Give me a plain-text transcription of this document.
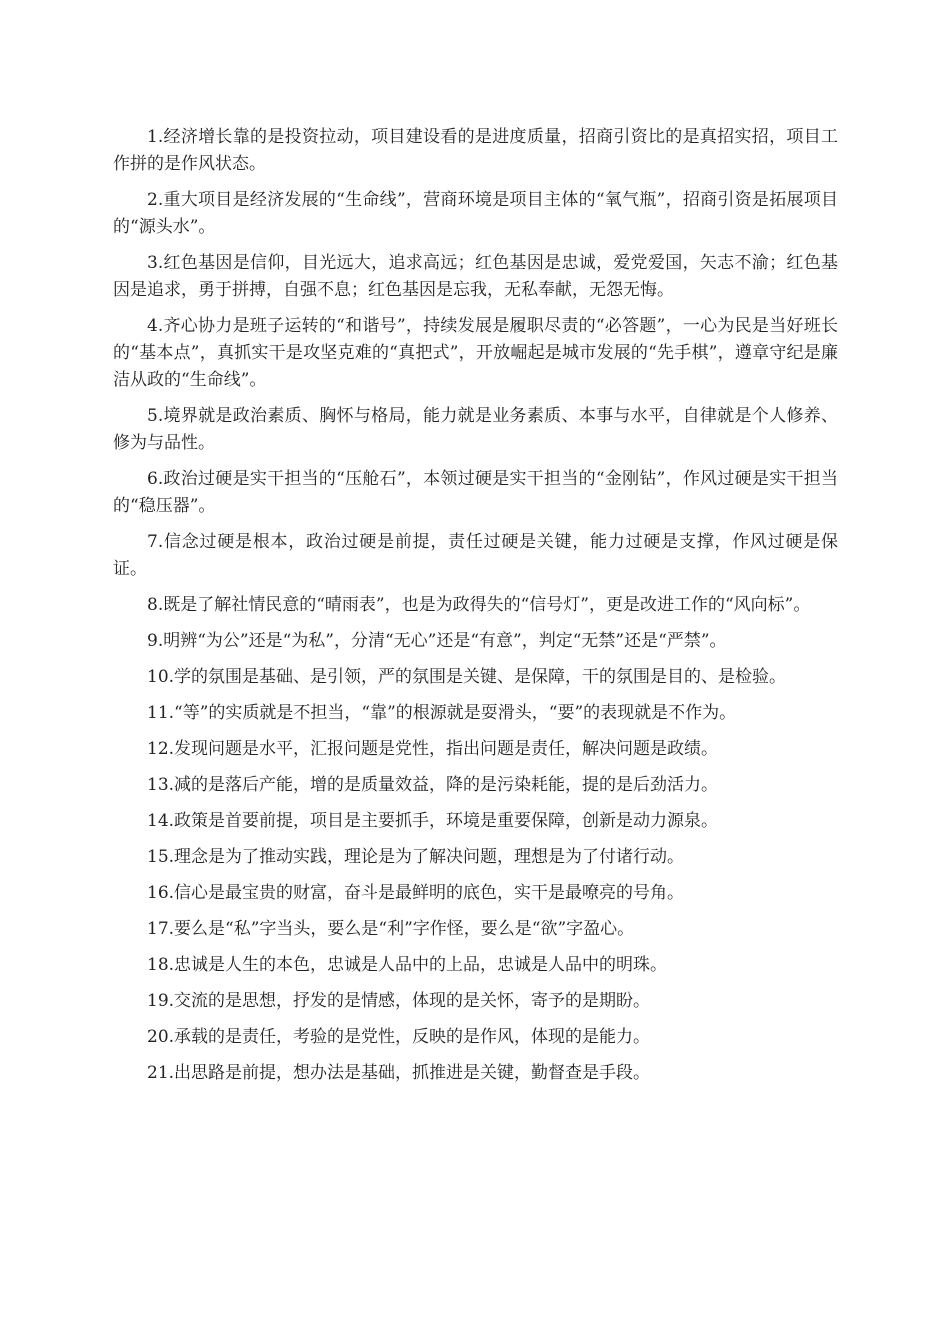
1.经济增长靠的是投资拉动，项目建设看的是进度质量，招商引资比的是真招实招，项目工作拼的是作风状态。

2.重大项目是经济发展的“生命线”，营商环境是项目主体的“氧气瓶”，招商引资是拓展项目的“源头水”。

3.红色基因是信仰，目光远大，追求高远；红色基因是忠诚，爱党爱国，矢志不渝；红色基因是追求，勇于拼搏，自强不息；红色基因是忘我，无私奉献，无怨无悔。

4.齐心协力是班子运转的“和谐号”，持续发展是履职尽责的“必答题”，一心为民是当好班长的“基本点”，真抓实干是攻坚克难的“真把式”，开放崛起是城市发展的“先手棋”，遵章守纪是廉洁从政的“生命线”。

5.境界就是政治素质、胸怀与格局，能力就是业务素质、本事与水平，自律就是个人修养、修为与品性。

6.政治过硬是实干担当的“压舱石”，本领过硬是实干担当的“金刚钻”，作风过硬是实干担当的“稳压器”。

7.信念过硬是根本，政治过硬是前提，责任过硬是关键，能力过硬是支撑，作风过硬是保证。

8.既是了解社情民意的“晴雨表”，也是为政得失的“信号灯”，更是改进工作的“风向标”。

9.明辨“为公”还是“为私”，分清“无心”还是“有意”，判定“无禁”还是“严禁”。

10.学的氛围是基础、是引领，严的氛围是关键、是保障，干的氛围是目的、是检验。

11.“等”的实质就是不担当，“靠”的根源就是耍滑头，“要”的表现就是不作为。

12.发现问题是水平，汇报问题是党性，指出问题是责任，解决问题是政绩。

13.减的是落后产能，增的是质量效益，降的是污染耗能，提的是后劲活力。

14.政策是首要前提，项目是主要抓手，环境是重要保障，创新是动力源泉。

15.理念是为了推动实践，理论是为了解决问题，理想是为了付诸行动。

16.信心是最宝贵的财富，奋斗是最鲜明的底色，实干是最嘹亮的号角。

17.要么是“私”字当头，要么是“利”字作怪，要么是“欲”字盈心。

18.忠诚是人生的本色，忠诚是人品中的上品，忠诚是人品中的明珠。

19.交流的是思想，抒发的是情感，体现的是关怀，寄予的是期盼。

20.承载的是责任，考验的是党性，反映的是作风，体现的是能力。

21.出思路是前提，想办法是基础，抓推进是关键，勤督查是手段。
